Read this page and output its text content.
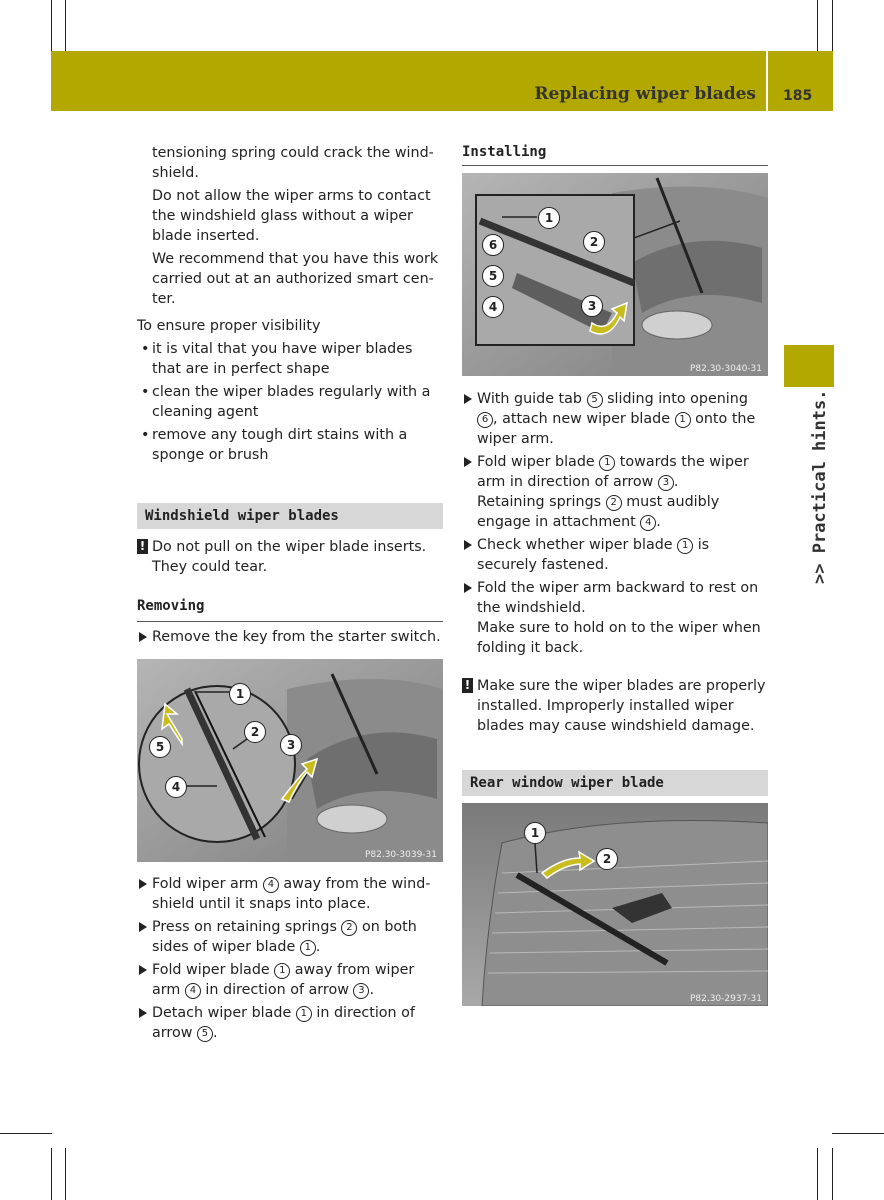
Replacing wiper blades 185
>> Practical hints.

tensioning spring could crack the wind-shield.

Do not allow the wiper arms to contact the windshield glass without a wiper blade inserted.

We recommend that you have this work carried out at an authorized smart cen-ter.

To ensure proper visibility

• it is vital that you have wiper blades that are in perfect shape

• clean the wiper blades regularly with a cleaning agent

• remove any tough dirt stains with a sponge or brush

Windshield wiper blades

! Do not pull on the wiper blade inserts. They could tear.

Removing

Remove the key from the starter switch.

1
2
3
5
4
P82.30-3039-31

Fold wiper arm 4 away from the wind-shield until it snaps into place.

Press on retaining springs 2 on both sides of wiper blade 1 .

Fold wiper blade 1 away from wiper arm 4 in direction of arrow 3 .

Detach wiper blade 1 in direction of arrow 5 .

Installing
1
6	2
5
4	3
P82.30-3040-31

With guide tab 5 sliding into opening 6 , attach new wiper blade 1 onto the wiper arm.

Fold wiper blade 1 towards the wiper arm in direction of arrow 3 .
Retaining springs 2 must audibly engage in attachment 4 .

Check whether wiper blade 1 is securely fastened.

Fold the wiper arm backward to rest on the windshield.
Make sure to hold on to the wiper when folding it back.

! Make sure the wiper blades are properly installed. Improperly installed wiper blades may cause windshield damage.

Rear window wiper blade
1
2
P82.30-2937-31
